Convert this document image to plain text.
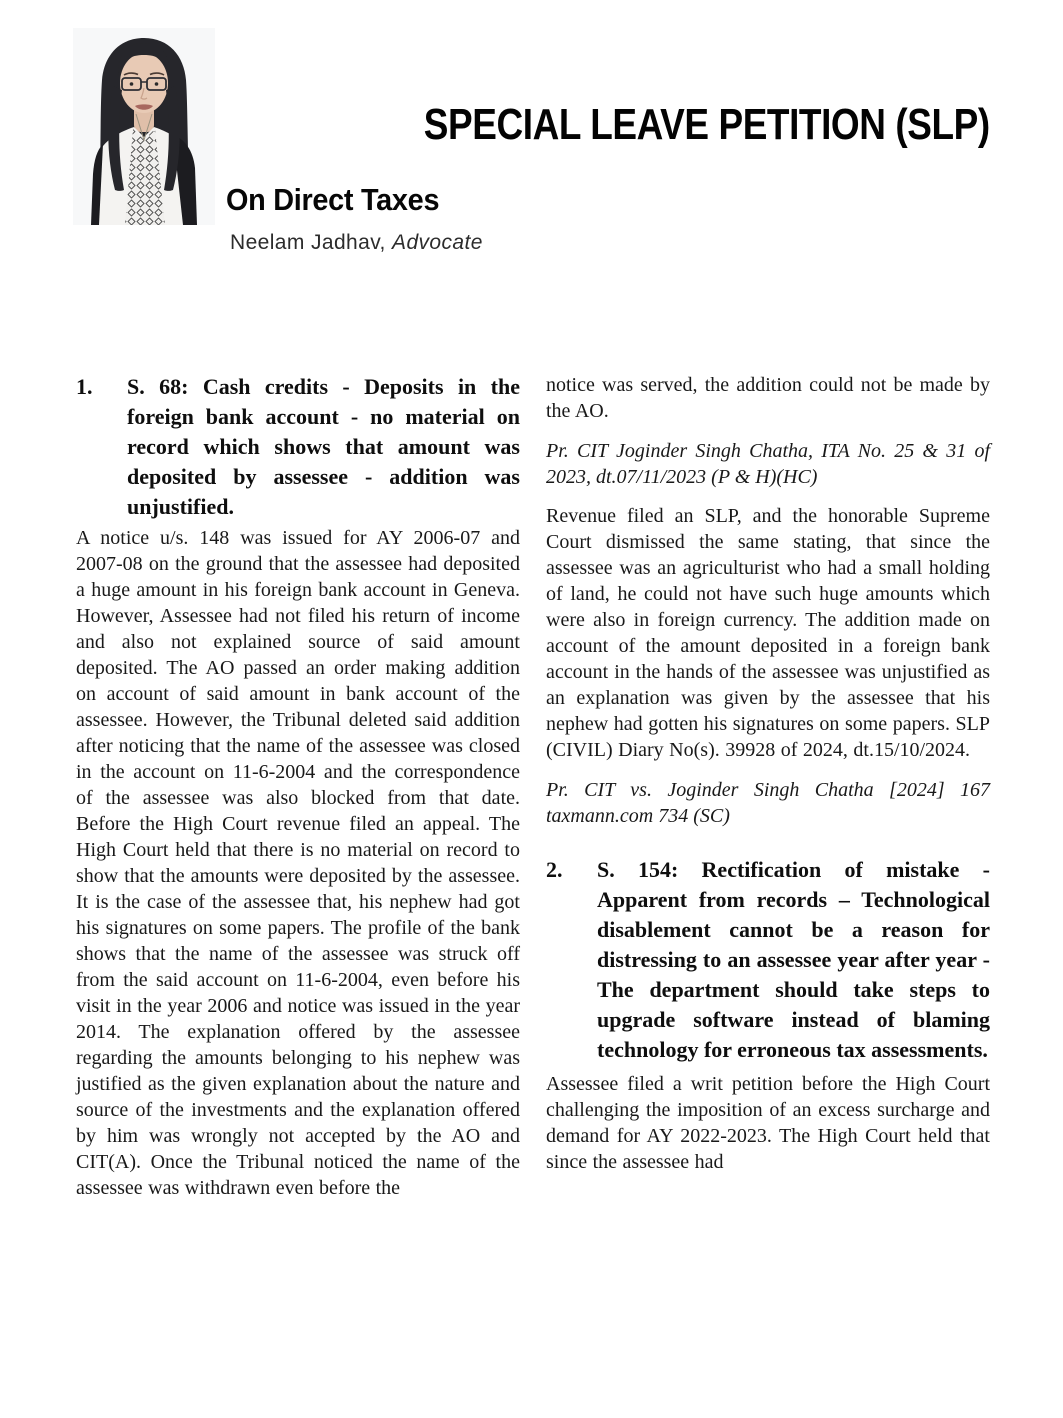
SPECIAL LEAVE PETITION (SLP)
On Direct Taxes
Neelam Jadhav, Advocate
1. S. 68: Cash credits - Deposits in the foreign bank account - no material on record which shows that amount was deposited by assessee - addition was unjustified.

A notice u/s. 148 was issued for AY 2006-07 and 2007-08 on the ground that the assessee had deposited a huge amount in his foreign bank account in Geneva. However, Assessee had not filed his return of income and also not explained source of said amount deposited. The AO passed an order making addition on account of said amount in bank account of the assessee. However, the Tribunal deleted said addition after noticing that the name of the assessee was closed in the account on 11-6-2004 and the correspondence of the assessee was also blocked from that date. Before the High Court revenue filed an appeal. The High Court held that there is no material on record to show that the amounts were deposited by the assessee. It is the case of the assessee that, his nephew had got his signatures on some papers. The profile of the bank shows that the name of the assessee was struck off from the said account on 11-6-2004, even before his visit in the year 2006 and notice was issued in the year 2014. The explanation offered by the assessee regarding the amounts belonging to his nephew was justified as the given explanation about the nature and source of the investments and the explanation offered by him was wrongly not accepted by the AO and CIT(A). Once the Tribunal noticed the name of the assessee was withdrawn even before the

notice was served, the addition could not be made by the AO.

Pr. CIT Joginder Singh Chatha, ITA No. 25 & 31 of 2023, dt.07/11/2023 (P & H)(HC)

Revenue filed an SLP, and the honorable Supreme Court dismissed the same stating, that since the assessee was an agriculturist who had a small holding of land, he could not have such huge amounts which were also in foreign currency. The addition made on account of the amount deposited in a foreign bank account in the hands of the assessee was unjustified as an explanation was given by the assessee that his nephew had gotten his signatures on some papers. SLP (CIVIL) Diary No(s). 39928 of 2024, dt.15/10/2024.

Pr. CIT vs. Joginder Singh Chatha [2024] 167 taxmann.com 734 (SC)

2. S. 154: Rectification of mistake - Apparent from records – Technological disablement cannot be a reason for distressing to an assessee year after year - The department should take steps to upgrade software instead of blaming technology for erroneous tax assessments.

Assessee filed a writ petition before the High Court challenging the imposition of an excess surcharge and demand for AY 2022-2023. The High Court held that since the assessee had
